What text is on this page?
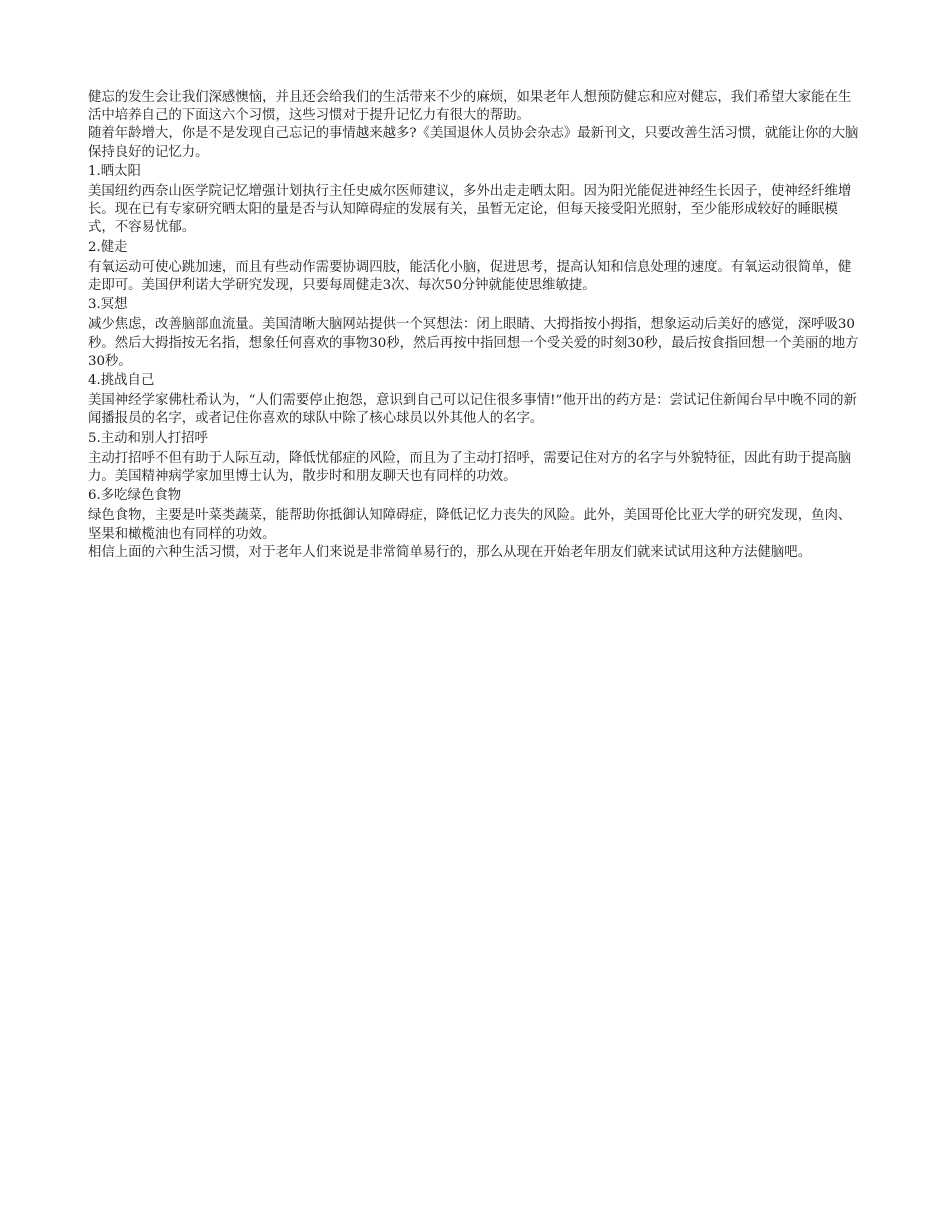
健忘的发生会让我们深感懊恼，并且还会给我们的生活带来不少的麻烦，如果老年人想预防健忘和应对健忘，我们希望大家能在生活中培养自己的下面这六个习惯，这些习惯对于提升记忆力有很大的帮助。

随着年龄增大，你是不是发现自己忘记的事情越来越多?《美国退休人员协会杂志》最新刊文，只要改善生活习惯，就能让你的大脑保持良好的记忆力。

1.晒太阳

美国纽约西奈山医学院记忆增强计划执行主任史威尔医师建议，多外出走走晒太阳。因为阳光能促进神经生长因子，使神经纤维增长。现在已有专家研究晒太阳的量是否与认知障碍症的发展有关，虽暂无定论，但每天接受阳光照射，至少能形成较好的睡眠模式，不容易忧郁。

2.健走

有氧运动可使心跳加速，而且有些动作需要协调四肢，能活化小脑，促进思考，提高认知和信息处理的速度。有氧运动很简单，健走即可。美国伊利诺大学研究发现，只要每周健走3次、每次50分钟就能使思维敏捷。

3.冥想

减少焦虑，改善脑部血流量。美国清晰大脑网站提供一个冥想法：闭上眼睛、大拇指按小拇指，想象运动后美好的感觉，深呼吸30秒。然后大拇指按无名指，想象任何喜欢的事物30秒，然后再按中指回想一个受关爱的时刻30秒，最后按食指回想一个美丽的地方30秒。

4.挑战自己

美国神经学家佛杜希认为，“人们需要停止抱怨，意识到自己可以记住很多事情!”他开出的药方是：尝试记住新闻台早中晚不同的新闻播报员的名字，或者记住你喜欢的球队中除了核心球员以外其他人的名字。

5.主动和别人打招呼

主动打招呼不但有助于人际互动，降低忧郁症的风险，而且为了主动打招呼，需要记住对方的名字与外貌特征，因此有助于提高脑力。美国精神病学家加里博士认为，散步时和朋友聊天也有同样的功效。

6.多吃绿色食物

绿色食物，主要是叶菜类蔬菜，能帮助你抵御认知障碍症，降低记忆力丧失的风险。此外，美国哥伦比亚大学的研究发现，鱼肉、坚果和橄榄油也有同样的功效。

相信上面的六种生活习惯，对于老年人们来说是非常简单易行的，那么从现在开始老年朋友们就来试试用这种方法健脑吧。
